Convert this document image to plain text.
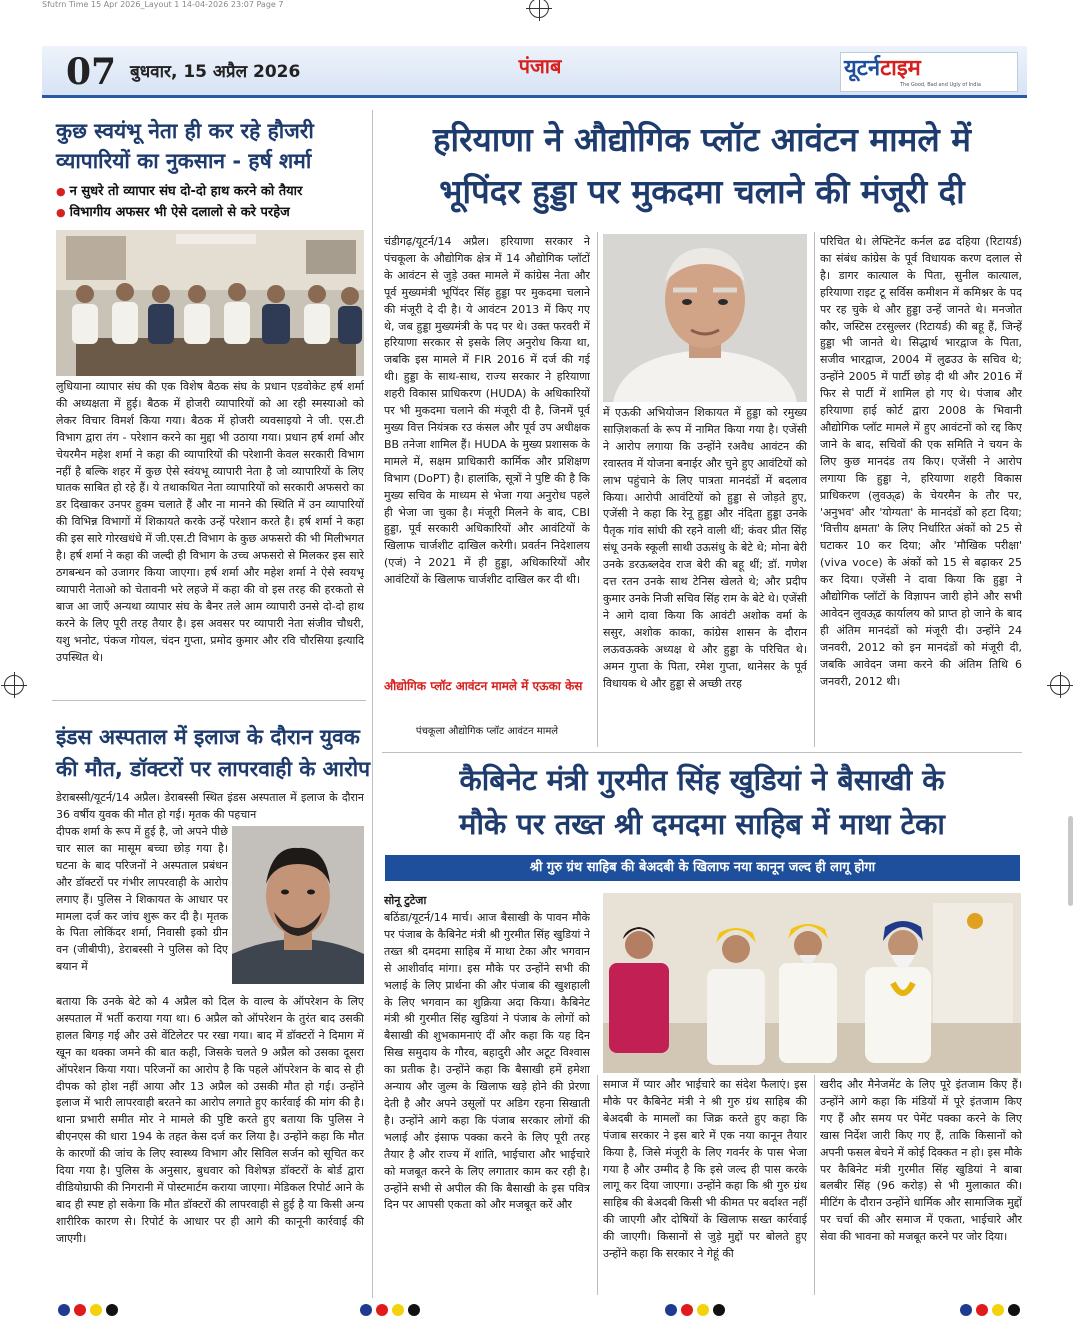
Sfutrn Time 15 Apr 2026_Layout 1 14-04-2026 23:07 Page 7
07 बुधवार, 15 अप्रैल 2026	पंजाब	यूटर्नटाइम
The Good, Bad and Ugly of India
कुछ स्वयंभू नेता ही कर रहे हौजरी
व्यापारियों का नुकसान - हर्ष शर्मा
● न सुधरे तो व्यापार संघ दो-दो हाथ करने को तैयार
● विभागीय अफसर भी ऐसे दलालो से करे परहेज
लुधियाना व्यापार संघ की एक विशेष बैठक संघ के प्रधान एडवोकेट हर्ष शर्मा की अध्यक्षता में हुई। बैठक में होजरी व्यापारियों को आ रही स्मस्याओ को लेकर विचार विमर्श किया गया। बैठक में होजरी व्यवसाइयो ने जी. एस.टी विभाग द्वारा तंग - परेशान करने का मुद्दा भी उठाया गया। प्रधान हर्ष शर्मा और चेयरमैन महेश शर्मा ने कहा की व्यापारियों की परेशानी केवल सरकारी विभाग नहीं है बल्कि शहर में कुछ ऐसे स्वंयभू व्यापारी नेता है जो व्यापारियों के लिए घातक साबित हो रहे हैं। ये तथाकथित नेता व्यापारियों को सरकारी अफसरो का डर दिखाकर उनपर हुक्म चलाते हैं और ना मानने की स्थिति में उन व्यापारियों की विभिन्न विभागों में शिकायते करके उन्हें परेशान करते है। हर्ष शर्मा ने कहा की इस सारे गोरखधंधे में जी.एस.टी विभाग के कुछ अफसरो की भी मिलीभगत है। हर्ष शर्मा ने कहा की जल्दी ही विभाग के उच्च अफसरो से मिलकर इस सारे ठगबन्धन को उजागर किया जाएगा। हर्ष शर्मा और महेश शर्मा ने ऐसे स्वयभू व्यापारी नेताओ को चेतावनी भरे लहजे में कहा की वो इस तरह की हरकतो से बाज आ जाएँ अन्यथा व्यापार संघ के बैनर तले आम व्यापारी उनसे दो-दो हाथ करने के लिए पूरी तरह तैयार है। इस अवसर पर व्यापारी नेता संजीव चौधरी, यशु भनोट, पंकज गोयल, चंदन गुप्ता, प्रमोद कुमार और रवि चौरसिया इत्यादि उपस्थित थे।
इंडस अस्पताल में इलाज के दौरान युवक
की मौत, डॉक्टरों पर लापरवाही के आरोप
डेराबस्सी/यूटर्न/14 अप्रैल। डेराबस्सी स्थित इंडस अस्पताल में इलाज के दौरान 36 वर्षीय युवक की मौत हो गई। मृतक की पहचान
दीपक शर्मा के रूप में हुई है, जो अपने पीछे चार साल का मासूम बच्चा छोड़ गया है। घटना के बाद परिजनों ने अस्पताल प्रबंधन और डॉक्टरों पर गंभीर लापरवाही के आरोप लगाए हैं। पुलिस ने शिकायत के आधार पर मामला दर्ज कर जांच शुरू कर दी है। मृतक के पिता लोकिंदर शर्मा, निवासी इको ग्रीन वन (जीबीपी), डेराबस्सी ने पुलिस को दिए बयान में
बताया कि उनके बेटे को 4 अप्रैल को दिल के वाल्व के ऑपरेशन के लिए अस्पताल में भर्ती कराया गया था। 6 अप्रैल को ऑपरेशन के तुरंत बाद उसकी हालत बिगड़ गई और उसे वेंटिलेटर पर रखा गया। बाद में डॉक्टरों ने दिमाग में खून का थक्का जमने की बात कही, जिसके चलते 9 अप्रैल को उसका दूसरा ऑपरेशन किया गया। परिजनों का आरोप है कि पहले ऑपरेशन के बाद से ही दीपक को होश नहीं आया और 13 अप्रैल को उसकी मौत हो गई। उन्होंने इलाज में भारी लापरवाही बरतने का आरोप लगाते हुए कार्रवाई की मांग की है। थाना प्रभारी समीत मोर ने मामले की पुष्टि करते हुए बताया कि पुलिस ने बीएनएस की धारा 194 के तहत केस दर्ज कर लिया है। उन्होंने कहा कि मौत के कारणों की जांच के लिए स्वास्थ्य विभाग और सिविल सर्जन को सूचित कर दिया गया है। पुलिस के अनुसार, बुधवार को विशेषज्ञ डॉक्टरों के बोर्ड द्वारा वीडियोग्राफी की निगरानी में पोस्टमार्टम कराया जाएगा। मेडिकल रिपोर्ट आने के बाद ही स्पष्ट हो सकेगा कि मौत डॉक्टरों की लापरवाही से हुई है या किसी अन्य शारीरिक कारण से। रिपोर्ट के आधार पर ही आगे की कानूनी कार्रवाई की जाएगी।
हरियाणा ने औद्योगिक प्लॉट आवंटन मामले में
भूपिंदर हुड्डा पर मुकदमा चलाने की मंजूरी दी
चंडीगढ़/यूटर्न/14 अप्रैल। हरियाणा सरकार ने पंचकूला के औद्योगिक क्षेत्र में 14 औद्योगिक प्लॉटों के आवंटन से जुड़े उक्त मामले में कांग्रेस नेता और पूर्व मुख्यमंत्री भूपिंदर सिंह हुड्डा पर मुकदमा चलाने की मंजूरी दे दी है। ये आवंटन 2013 में किए गए थे, जब हुड्डा मुख्यमंत्री के पद पर थे। उक्त फरवरी में हरियाणा सरकार से इसके लिए अनुरोध किया था, जबकि इस मामले में FIR 2016 में दर्ज की गई थी। हुड्डा के साथ-साथ, राज्य सरकार ने हरियाणा शहरी विकास प्राधिकरण (HUDA) के अधिकारियों पर भी मुकदमा चलाने की मंजूरी दी है, जिनमें पूर्व मुख्य वित्त नियंत्रक रउ कंसल और पूर्व उप अधीक्षक BB तनेजा शामिल हैं। HUDA के मुख्य प्रशासक के मामले में, सक्षम प्राधिकारी कार्मिक और प्रशिक्षण विभाग (DoPT) है। हालांकि, सूत्रों ने पुष्टि की है कि मुख्य सचिव के माध्यम से भेजा गया अनुरोध पहले ही भेजा जा चुका है। मंजूरी मिलने के बाद, CBI हुड्डा, पूर्व सरकारी अधिकारियों और आवंटियों के खिलाफ चार्जशीट दाखिल करेगी। प्रवर्तन निदेशालय (एजं) ने 2021 में ही हुड्डा, अधिकारियों और आवंटियों के खिलाफ चार्जशीट दाखिल कर दी थी।
औद्योगिक प्लॉट आवंटन मामले में एऊका केस
में एऊकी अभियोजन शिकायत में हुड्डा को रमुख्य साज़िशकर्ता के रूप में नामित किया गया है। एजेंसी ने आरोप लगाया कि उन्होंने रअवैध आवंटन की रवास्तव में योजना बनाईर और चुने हुए आवंटियों को लाभ पहुंचाने के लिए पात्रता मानदंडों में बदलाव किया। आरोपी आवंटियों को हुड्डा से जोड़ते हुए, एजेंसी ने कहा कि रेनू हुड्डा और नंदिता हुड्डा उनके पैतृक गांव सांघी की रहने वाली थीं; कंवर प्रीत सिंह संधू उनके स्कूली साथी उऊसंधु के बेटे थे; मोना बेरी उनके डरऊब्लदेव राज बेरी की बहू थीं; डॉ. गणेश दत्त रतन उनके साथ टेनिस खेलते थे; और प्रदीप कुमार उनके निजी सचिव सिंह राम के बेटे थे। एजेंसी ने आगे दावा किया कि आवंटी अशोक वर्मा के ससुर, अशोक काका, कांग्रेस शासन के दौरान लऊवऊक्के अध्यक्ष थे और हुड्डा के परिचित थे। अमन गुप्ता के पिता, रमेश गुप्ता, थानेसर के पूर्व विधायक थे और हुड्डा से अच्छी तरह
पंचकूला औद्योगिक प्लॉट आवंटन मामले
परिचित थे। लेफ्टिनेंट कर्नल ढढ दहिया (रिटायर्ड) का संबंध कांग्रेस के पूर्व विधायक करण दलाल से है। डागर कात्याल के पिता, सुनील कात्याल, हरियाणा राइट टू सर्विस कमीशन में कमिश्नर के पद पर रह चुके थे और हुड्डा उन्हें जानते थे। मनजोत कौर, जस्टिस टरसुल्लर (रिटायर्ड) की बहू हैं, जिन्हें हुड्डा भी जानते थे। सिद्धार्थ भारद्वाज के पिता, सजीव भारद्वाज, 2004 में लुढउउ के सचिव थे; उन्होंने 2005 में पार्टी छोड़ दी थी और 2016 में फिर से पार्टी में शामिल हो गए थे। पंजाब और हरियाणा हाई कोर्ट द्वारा 2008 के भिवानी औद्योगिक प्लॉट मामले में हुए आवंटनों को रद्द किए जाने के बाद, सचिवों की एक समिति ने चयन के लिए कुछ मानदंड तय किए। एजेंसी ने आरोप लगाया कि हुड्डा ने, हरियाणा शहरी विकास प्राधिकरण (लुवऊ्ढ) के चेयरमैन के तौर पर, 'अनुभव' और 'योग्यता' के मानदंडों को हटा दिया; 'वित्तीय क्षमता' के लिए निर्धारित अंकों को 25 से घटाकर 10 कर दिया; और 'मौखिक परीक्षा' (viva voce) के अंकों को 15 से बढ़ाकर 25 कर दिया। एजेंसी ने दावा किया कि हुड्डा ने औद्योगिक प्लॉटों के विज्ञापन जारी होने और सभी आवेदन लुवऊ्ढ कार्यालय को प्राप्त हो जाने के बाद ही अंतिम मानदंडों को मंजूरी दी। उन्होंने 24 जनवरी, 2012 को इन मानदंडों को मंजूरी दी, जबकि आवेदन जमा करने की अंतिम तिथि 6 जनवरी, 2012 थी।
कैबिनेट मंत्री गुरमीत सिंह खुडियां ने बैसाखी के
मौके पर तख्त श्री दमदमा साहिब में माथा टेका
श्री गुरु ग्रंथ साहिब की बेअदबी के खिलाफ नया कानून जल्द ही लागू होगा
सोनू टुटेजा
बठिंडा/यूटर्न/14 मार्च। आज बैसाखी के पावन मौके पर पंजाब के कैबिनेट मंत्री श्री गुरमीत सिंह खुडियां ने तख्त श्री दमदमा साहिब में माथा टेका और भगवान से आशीर्वाद मांगा। इस मौके पर उन्होंने सभी की भलाई के लिए प्रार्थना की और पंजाब की खुशहाली के लिए भगवान का शुक्रिया अदा किया। कैबिनेट मंत्री श्री गुरमीत सिंह खुडियां ने पंजाब के लोगों को बैसाखी की शुभकामनाएं दीं और कहा कि यह दिन सिख समुदाय के गौरव, बहादुरी और अटूट विश्वास का प्रतीक है। उन्होंने कहा कि बैसाखी हमें हमेशा अन्याय और जुल्म के खिलाफ खड़े होने की प्रेरणा देती है और अपने उसूलों पर अडिग रहना सिखाती है। उन्होंने आगे कहा कि पंजाब सरकार लोगों की भलाई और इंसाफ पक्का करने के लिए पूरी तरह तैयार है और राज्य में शांति, भाईचारा और भाईचारे को मजबूत करने के लिए लगातार काम कर रही है। उन्होंने सभी से अपील की कि बैसाखी के इस पवित्र दिन पर आपसी एकता को और मजबूत करें और
समाज में प्यार और भाईचारे का संदेश फैलाएं। इस मौके पर कैबिनेट मंत्री ने श्री गुरु ग्रंथ साहिब की बेअदबी के मामलों का जिक्र करते हुए कहा कि पंजाब सरकार ने इस बारे में एक नया कानून तैयार किया है, जिसे मंजूरी के लिए गवर्नर के पास भेजा गया है और उम्मीद है कि इसे जल्द ही पास करके लागू कर दिया जाएगा। उन्होंने कहा कि श्री गुरु ग्रंथ साहिब की बेअदबी किसी भी कीमत पर बर्दाश्त नहीं की जाएगी और दोषियों के खिलाफ सख्त कार्रवाई की जाएगी। किसानों से जुड़े मुद्दों पर बोलते हुए उन्होंने कहा कि सरकार ने गेहूं की
खरीद और मैनेजमेंट के लिए पूरे इंतजाम किए हैं। उन्होंने आगे कहा कि मंडियों में पूरे इंतजाम किए गए हैं और समय पर पेमेंट पक्का करने के लिए खास निर्देश जारी किए गए हैं, ताकि किसानों को अपनी फसल बेचने में कोई दिक्कत न हो। इस मौके पर कैबिनेट मंत्री गुरमीत सिंह खुडियां ने बाबा बलबीर सिंह (96 करोड़) से भी मुलाकात की। मीटिंग के दौरान उन्होंने धार्मिक और सामाजिक मुद्दों पर चर्चा की और समाज में एकता, भाईचारे और सेवा की भावना को मजबूत करने पर जोर दिया।
